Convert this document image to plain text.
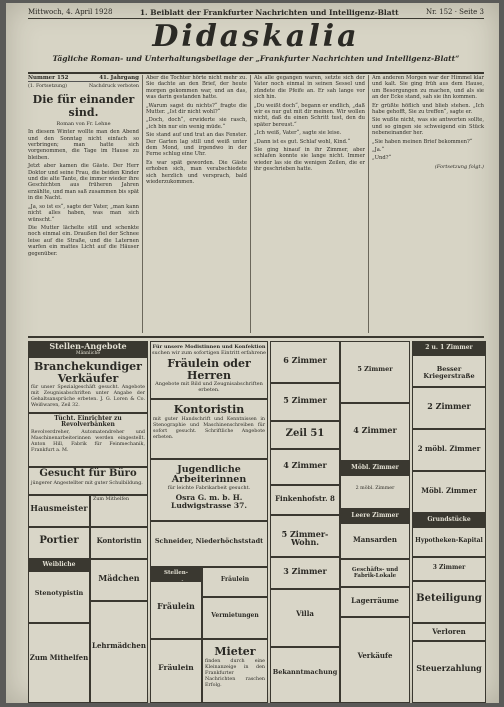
Mittwoch, 4. April 1928	1. Beiblatt der Frankfurter Nachrichten und Intelligenz-Blatt	Nr. 152 · Seite 3
Didaskalia
Tägliche Roman- und Unterhaltungsbeilage der „Frankfurter Nachrichten und Intelligenz-Blatt“
Nummer 152	41. Jahrgang
(1. Fortsetzung)	Nachdruck verboten
Die für einander sind.
Roman von Fr. Lehne

In diesem Winter wollte man den Abend und den Sonntag nicht einfach so verbringen; man hatte sich vorgenommen, die Tage im Hause zu bleiben.

Jetzt aber kamen die Gäste. Der Herr Doktor und seine Frau, die beiden Kinder und die alte Tante, die immer wieder ihre Geschichten aus früheren Jahren erzählte, und man saß zusammen bis spät in die Nacht.

„Ja, so ist es“, sagte der Vater, „man kann nicht alles haben, was man sich wünscht.“

Die Mutter lächelte still und schenkte noch einmal ein. Draußen fiel der Schnee leise auf die Straße, und die Laternen warfen ein mattes Licht auf die Häuser gegenüber.

Aber die Tochter hörte nicht mehr zu. Sie dachte an den Brief, der heute morgen gekommen war, und an das, was darin gestanden hatte.

„Warum sagst du nichts?“ fragte die Mutter. „Ist dir nicht wohl?“

„Doch, doch“, erwiderte sie rasch, „ich bin nur ein wenig müde.“

Sie stand auf und trat an das Fenster. Der Garten lag still und weiß unter dem Mond, und irgendwo in der Ferne schlug eine Uhr.

Es war spät geworden. Die Gäste erhoben sich, man verabschiedete sich herzlich und versprach, bald wiederzukommen.

Als alle gegangen waren, setzte sich der Vater noch einmal in seinen Sessel und zündete die Pfeife an. Er sah lange vor sich hin.

„Du weißt doch“, begann er endlich, „daß wir es nur gut mit dir meinen. Wir wollen nicht, daß du einen Schritt tust, den du später bereust.“

„Ich weiß, Vater“, sagte sie leise.

„Dann ist es gut. Schlaf wohl, Kind.“

Sie ging hinauf in ihr Zimmer, aber schlafen konnte sie lange nicht. Immer wieder las sie die wenigen Zeilen, die er ihr geschrieben hatte.

Am anderen Morgen war der Himmel klar und kalt. Sie ging früh aus dem Hause, um Besorgungen zu machen, und als sie an der Ecke stand, sah sie ihn kommen.

Er grüßte höflich und blieb stehen. „Ich habe gehofft, Sie zu treffen“, sagte er.

Sie wußte nicht, was sie antworten sollte, und so gingen sie schweigend ein Stück nebeneinander her.

„Sie haben meinen Brief bekommen?“

„Ja.“

„Und?“

(Fortsetzung folgt.)
Stellen-Angebote
Männliche
Branchekundiger Verkäufer
für unser Spezialgeschäft gesucht. Angebote mit Zeugnisabschriften unter Angabe der Gehaltsansprüche erbeten. J. G. Loren & Co. Weißwaren, Zeil 32.
Tücht. Einrichter zu Revolverbänken
Revolverdreher, Automatendreher und Maschinenarbeiterinnen werden eingestellt. Anton Hill, Fabrik für Feinmechanik, Frankfurt a. M.
Gesucht für Büro
jüngerer Angestellter mit guter Schulbildung.
Hausmeister
Zum Mithelfen
Portier	Kontoristin
Weibliche
Mädchen
Stenotypistin
Lehrmädchen
Zum Mithelfen
Für unsere Modistinnen und Konfektion
suchen wir zum sofortigen Eintritt erfahrene
Fräulein oder Herren
Angebote mit Bild und Zeugnisabschriften erbeten.
Kontoristin
mit guter Handschrift und Kenntnissen in Stenographie und Maschinenschreiben für sofort gesucht. Schriftliche Angebote erbeten.
Jugendliche Arbeiterinnen
für leichte Fabrikarbeit gesucht.
Osra G. m. b. H. Ludwigstrasse 37.
Schneider, Niederhöchststadt
Stellen-
Fräulein
Fräulein
Vermietungen
Fräulein
Mieter
finden durch eine Kleinanzeige in den Frankfurter Nachrichten raschen Erfolg.
6 Zimmer
5 Zimmer
5 Zimmer
Zeil 51	4 Zimmer
4 Zimmer
Finkenhofstr. 8
Möbl. Zimmer
2 möbl. Zimmer
Leere Zimmer
5 Zimmer-Wohn.	Mansarden
3 Zimmer	Geschäfts- und Fabrik-Lokale
Villa
Lagerräume
Verkäufe
Bekanntmachung
2 u. 1 Zimmer
Besser Kriegerstraße
2 Zimmer
2 möbl. Zimmer
Möbl. Zimmer
Grundstücke
Hypotheken-Kapital
3 Zimmer
Beteiligung
Verloren
Steuerzahlung
